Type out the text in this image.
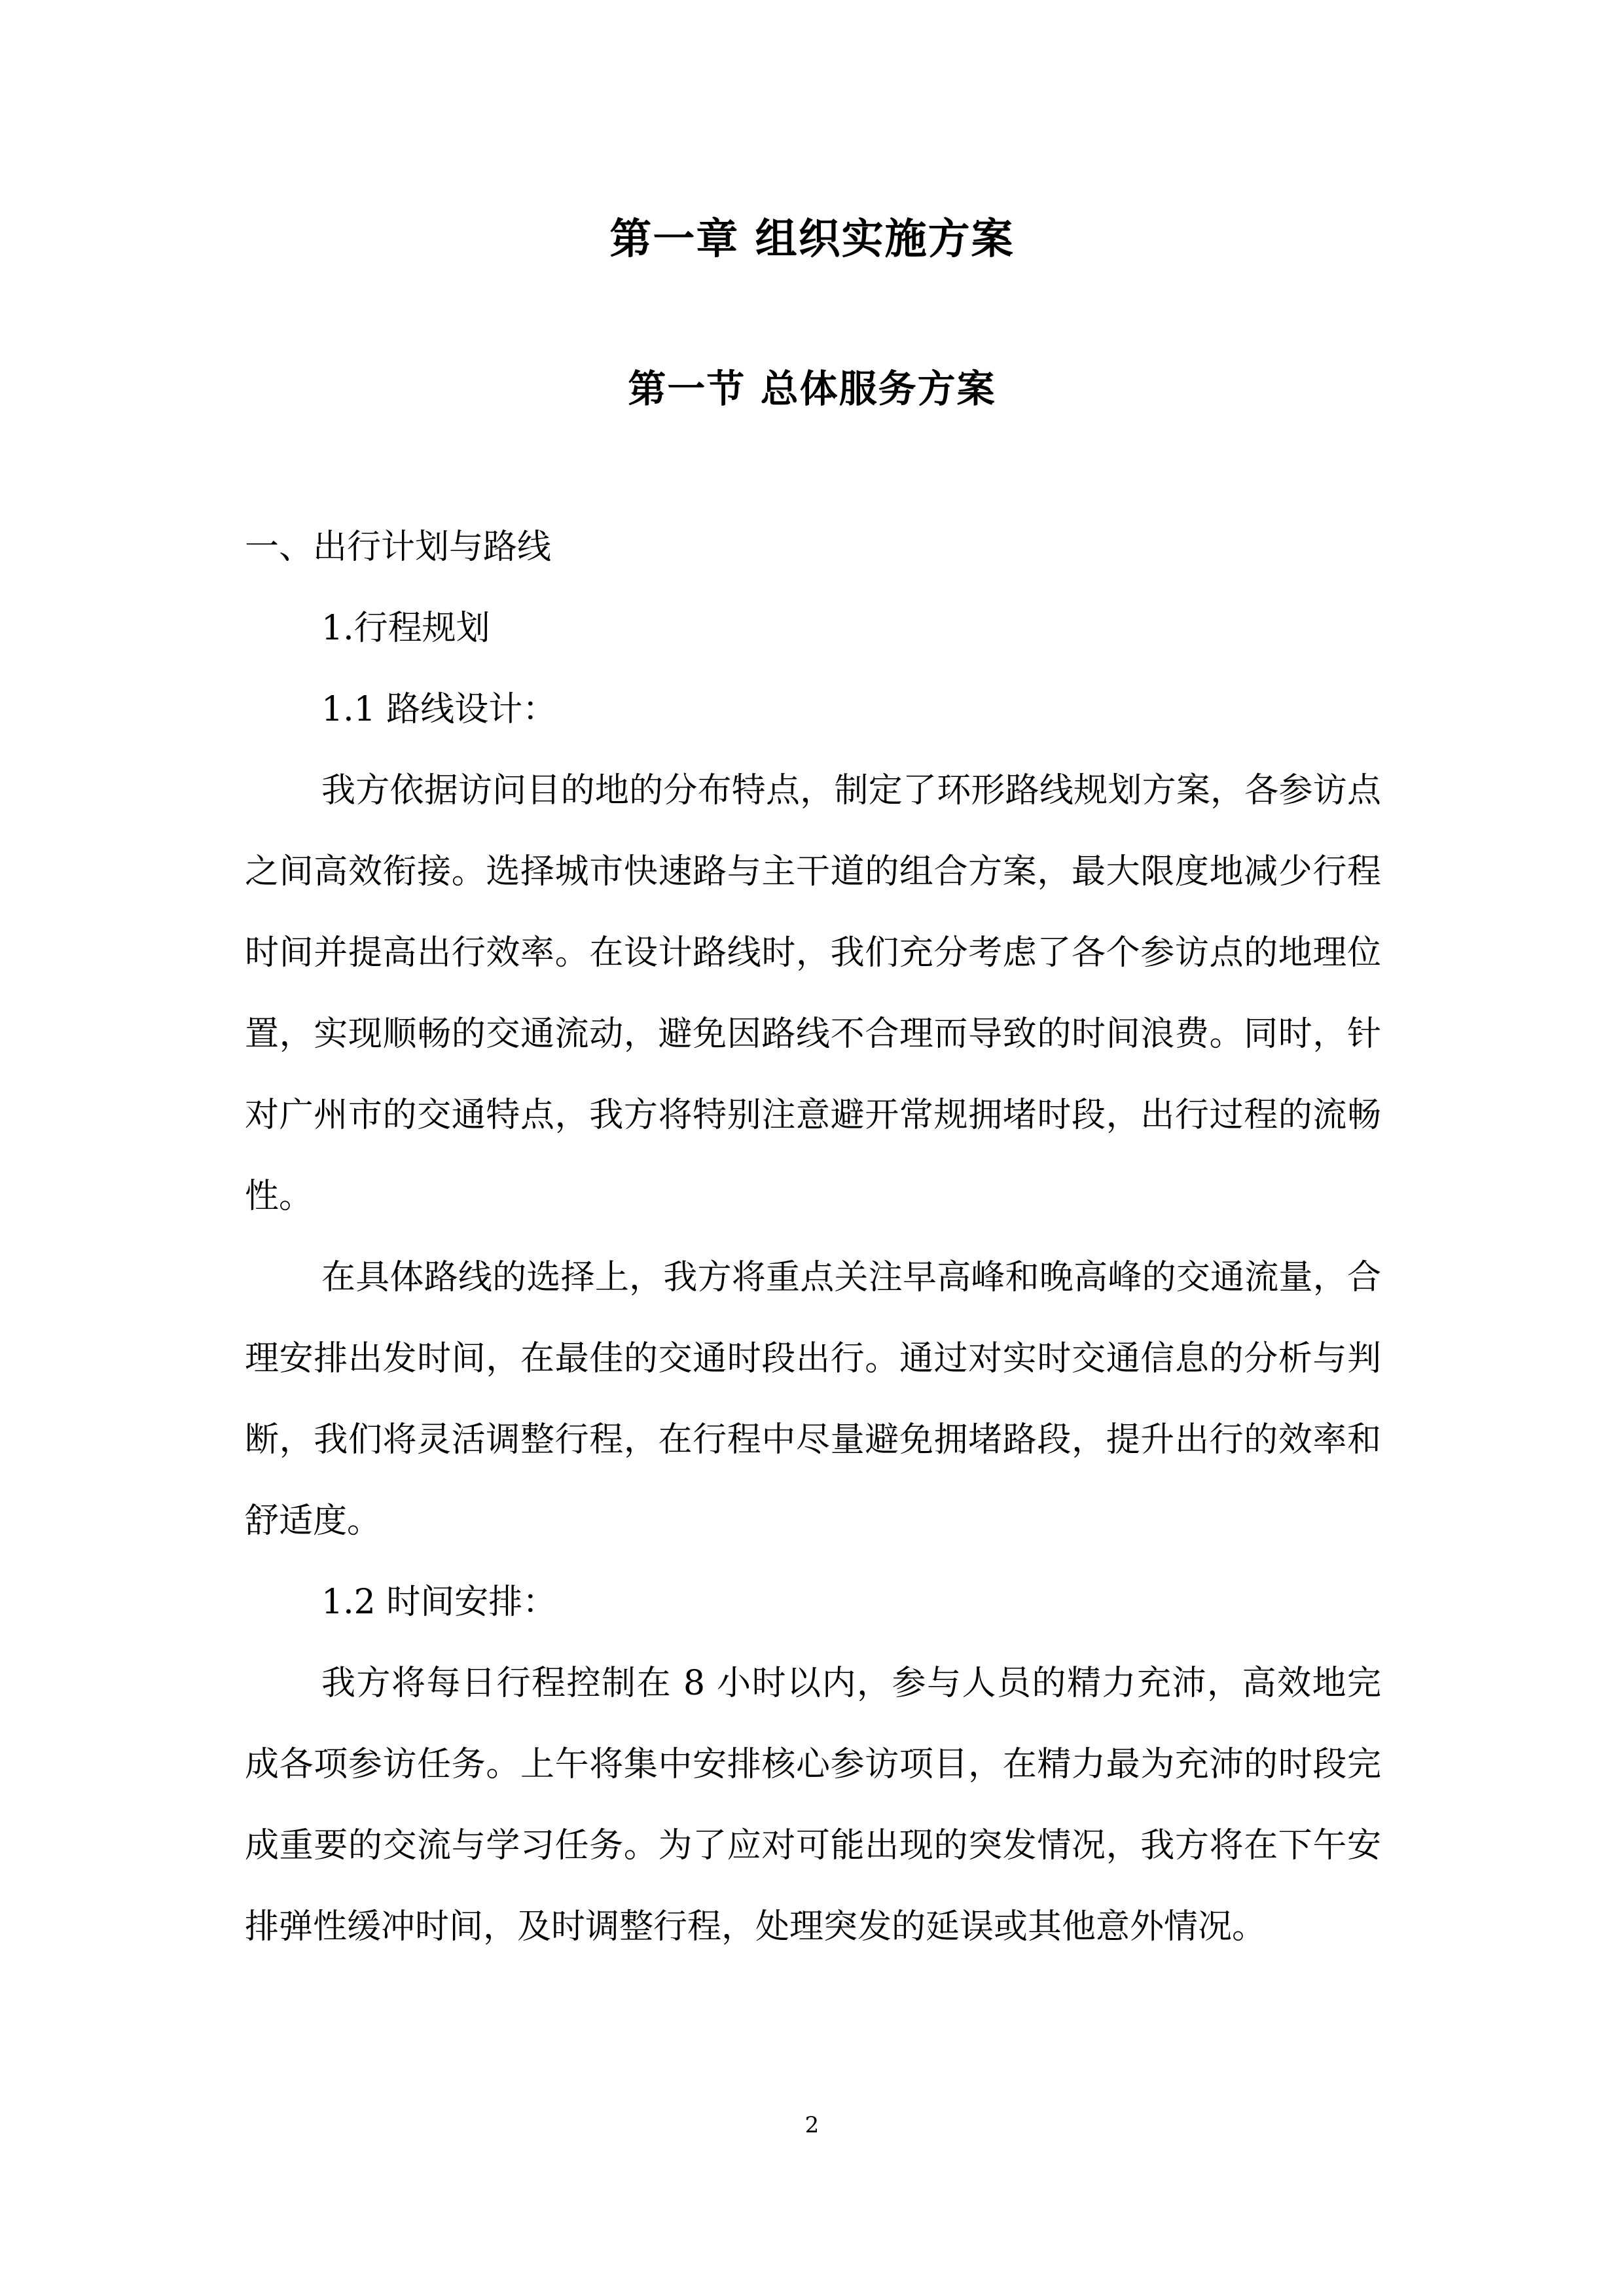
第一章 组织实施方案
第一节 总体服务方案

一、出行计划与路线

1.行程规划

1.1 路线设计：

我方依据访问目的地的分布特点，制定了环形路线规划方案，各参访点之间高效衔接。选择城市快速路与主干道的组合方案，最大限度地减少行程时间并提高出行效率。在设计路线时，我们充分考虑了各个参访点的地理位置，实现顺畅的交通流动，避免因路线不合理而导致的时间浪费。同时，针对广州市的交通特点，我方将特别注意避开常规拥堵时段，出行过程的流畅性。

在具体路线的选择上，我方将重点关注早高峰和晚高峰的交通流量，合理安排出发时间，在最佳的交通时段出行。通过对实时交通信息的分析与判断，我们将灵活调整行程，在行程中尽量避免拥堵路段，提升出行的效率和舒适度。

1.2 时间安排：

我方将每日行程控制在 8 小时以内，参与人员的精力充沛，高效地完成各项参访任务。上午将集中安排核心参访项目，在精力最为充沛的时段完成重要的交流与学习任务。为了应对可能出现的突发情况，我方将在下午安排弹性缓冲时间，及时调整行程，处理突发的延误或其他意外情况。

2
